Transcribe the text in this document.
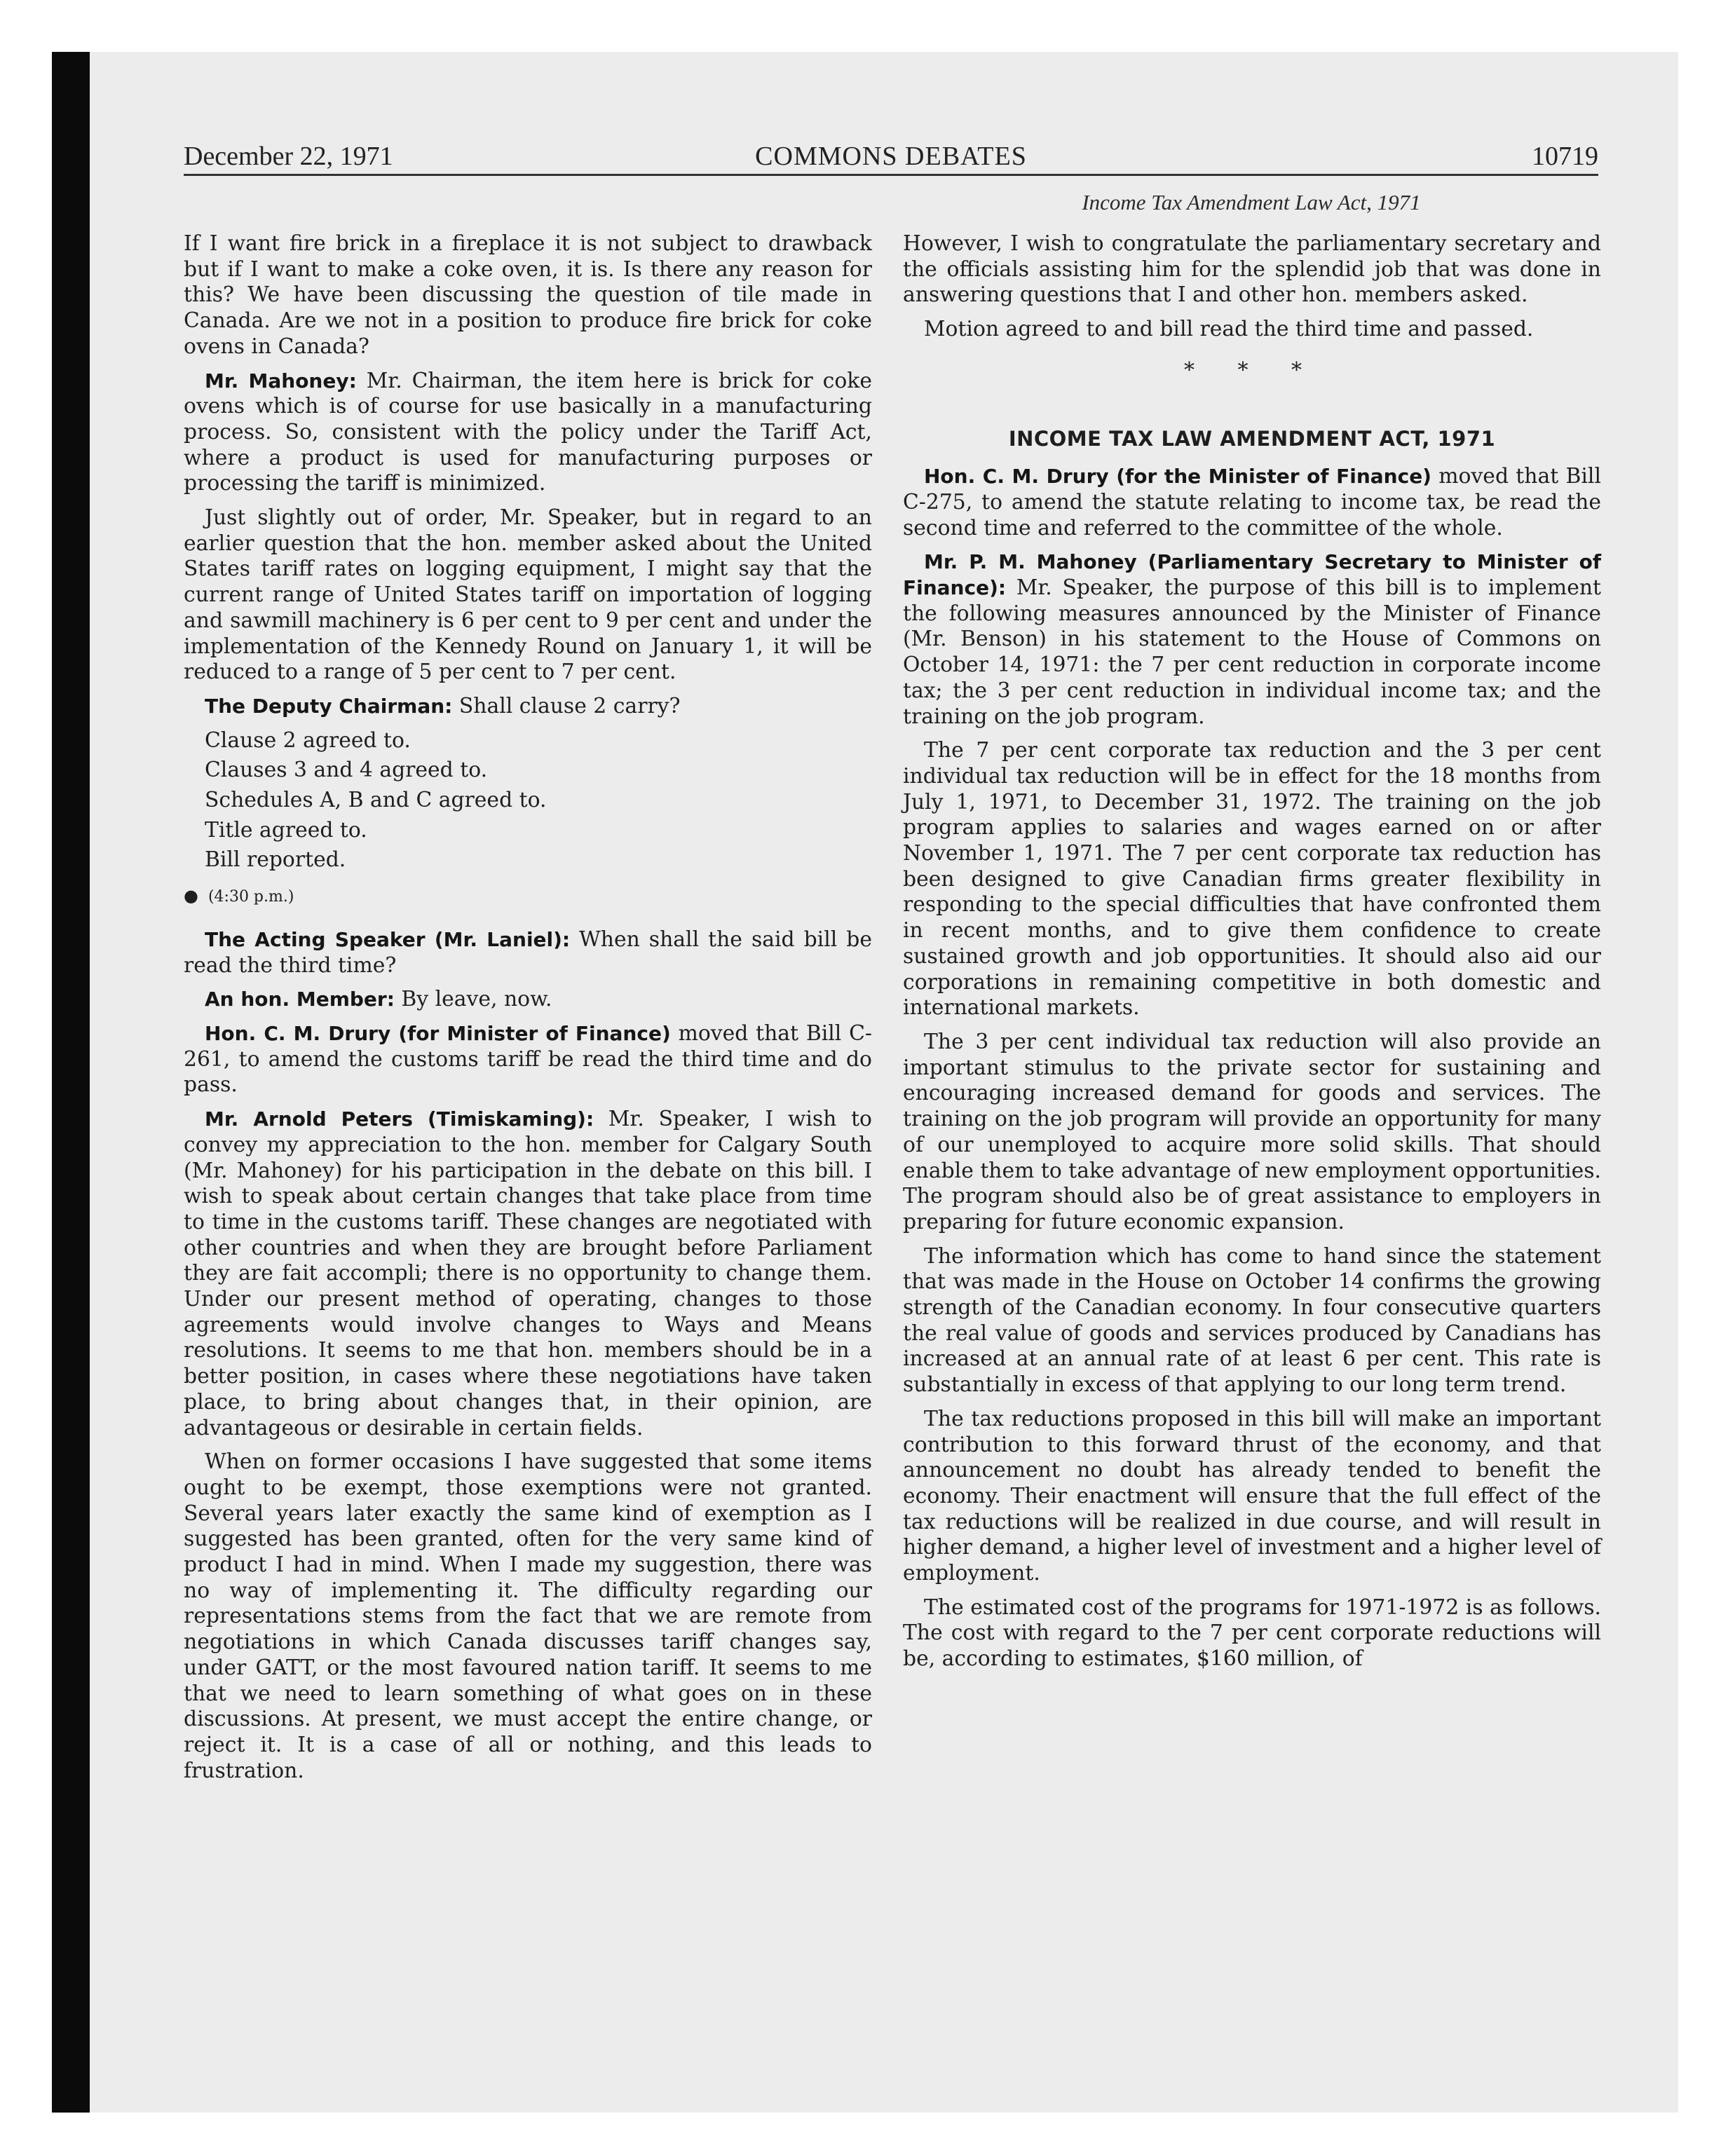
December 22, 1971	COMMONS DEBATES	10719
Income Tax Amendment Law Act, 1971

If I want fire brick in a fireplace it is not subject to drawback but if I want to make a coke oven, it is. Is there any reason for this? We have been discussing the question of tile made in Canada. Are we not in a position to produce fire brick for coke ovens in Canada?

Mr. Mahoney: Mr. Chairman, the item here is brick for coke ovens which is of course for use basically in a manufacturing process. So, consistent with the policy under the Tariff Act, where a product is used for manufacturing purposes or processing the tariff is minimized.

Just slightly out of order, Mr. Speaker, but in regard to an earlier question that the hon. member asked about the United States tariff rates on logging equipment, I might say that the current range of United States tariff on importation of logging and sawmill machinery is 6 per cent to 9 per cent and under the implementation of the Kennedy Round on January 1, it will be reduced to a range of 5 per cent to 7 per cent.

The Deputy Chairman: Shall clause 2 carry?

Clause 2 agreed to.

Clauses 3 and 4 agreed to.

Schedules A, B and C agreed to.

Title agreed to.

Bill reported.

● (4:30 p.m.)

The Acting Speaker (Mr. Laniel): When shall the said bill be read the third time?

An hon. Member: By leave, now.

Hon. C. M. Drury (for Minister of Finance) moved that Bill C-261, to amend the customs tariff be read the third time and do pass.

Mr. Arnold Peters (Timiskaming): Mr. Speaker, I wish to convey my appreciation to the hon. member for Calgary South (Mr. Mahoney) for his participation in the debate on this bill. I wish to speak about certain changes that take place from time to time in the customs tariff. These changes are negotiated with other countries and when they are brought before Parliament they are fait accompli; there is no opportunity to change them. Under our present method of operating, changes to those agreements would involve changes to Ways and Means resolutions. It seems to me that hon. members should be in a better position, in cases where these negotiations have taken place, to bring about changes that, in their opinion, are advantageous or desirable in certain fields.

When on former occasions I have suggested that some items ought to be exempt, those exemptions were not granted. Several years later exactly the same kind of exemption as I suggested has been granted, often for the very same kind of product I had in mind. When I made my suggestion, there was no way of implementing it. The difficulty regarding our representations stems from the fact that we are remote from negotiations in which Canada discusses tariff changes say, under GATT, or the most favoured nation tariff. It seems to me that we need to learn something of what goes on in these discussions. At present, we must accept the entire change, or reject it. It is a case of all or nothing, and this leads to frustration.

However, I wish to congratulate the parliamentary secretary and the officials assisting him for the splendid job that was done in answering questions that I and other hon. members asked.

Motion agreed to and bill read the third time and passed.

* * *
INCOME TAX LAW AMENDMENT ACT, 1971

Hon. C. M. Drury (for the Minister of Finance) moved that Bill C-275, to amend the statute relating to income tax, be read the second time and referred to the committee of the whole.

Mr. P. M. Mahoney (Parliamentary Secretary to Minister of Finance): Mr. Speaker, the purpose of this bill is to implement the following measures announced by the Minister of Finance (Mr. Benson) in his statement to the House of Commons on October 14, 1971: the 7 per cent reduction in corporate income tax; the 3 per cent reduction in individual income tax; and the training on the job program.

The 7 per cent corporate tax reduction and the 3 per cent individual tax reduction will be in effect for the 18 months from July 1, 1971, to December 31, 1972. The training on the job program applies to salaries and wages earned on or after November 1, 1971. The 7 per cent corporate tax reduction has been designed to give Canadian firms greater flexibility in responding to the special difficulties that have confronted them in recent months, and to give them confidence to create sustained growth and job opportunities. It should also aid our corporations in remaining competitive in both domestic and international markets.

The 3 per cent individual tax reduction will also provide an important stimulus to the private sector for sustaining and encouraging increased demand for goods and services. The training on the job program will provide an opportunity for many of our unemployed to acquire more solid skills. That should enable them to take advantage of new employment opportunities. The program should also be of great assistance to employers in preparing for future economic expansion.

The information which has come to hand since the statement that was made in the House on October 14 confirms the growing strength of the Canadian economy. In four consecutive quarters the real value of goods and services produced by Canadians has increased at an annual rate of at least 6 per cent. This rate is substantially in excess of that applying to our long term trend.

The tax reductions proposed in this bill will make an important contribution to this forward thrust of the economy, and that announcement no doubt has already tended to benefit the economy. Their enactment will ensure that the full effect of the tax reductions will be realized in due course, and will result in higher demand, a higher level of investment and a higher level of employment.

The estimated cost of the programs for 1971-1972 is as follows. The cost with regard to the 7 per cent corporate reductions will be, according to estimates, $160 million, of
